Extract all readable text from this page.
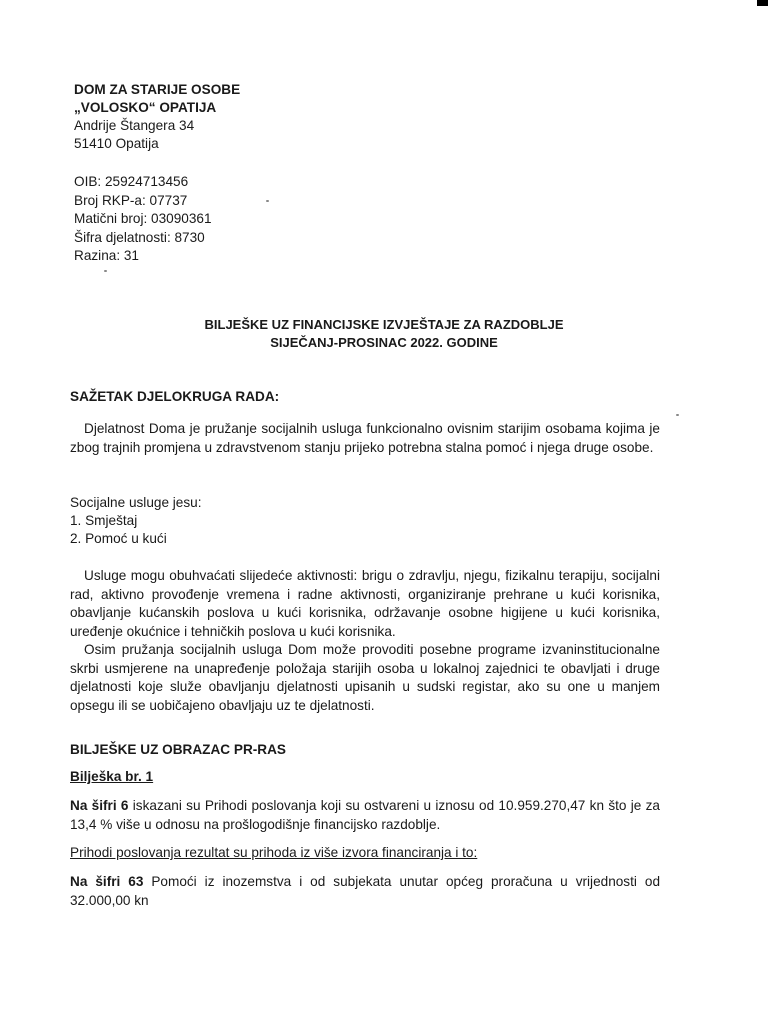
DOM ZA STARIJE OSOBE
„VOLOSKO“ OPATIJA
Andrije Štangera 34
51410 Opatija
OIB: 25924713456
Broj RKP-a: 07737
Matični broj: 03090361
Šifra djelatnosti: 8730
Razina: 31
BILJEŠKE UZ FINANCIJSKE IZVJEŠTAJE ZA RAZDOBLJE
SIJEČANJ-PROSINAC 2022. GODINE
SAŽETAK DJELOKRUGA RADA:

Djelatnost Doma je pružanje socijalnih usluga funkcionalno ovisnim starijim osobama kojima je zbog trajnih promjena u zdravstvenom stanju prijeko potrebna stalna pomoć i njega druge osobe.

Socijalne usluge jesu:
1. Smještaj
2. Pomoć u kući

Usluge mogu obuhvaćati slijedeće aktivnosti: brigu o zdravlju, njegu, fizikalnu terapiju, socijalni rad, aktivno provođenje vremena i radne aktivnosti, organiziranje prehrane u kući korisnika, obavljanje kućanskih poslova u kući korisnika, održavanje osobne higijene u kući korisnika, uređenje okućnice i tehničkih poslova u kući korisnika.

Osim pružanja socijalnih usluga Dom može provoditi posebne programe izvaninstitucionalne skrbi usmjerene na unapređenje položaja starijih osoba u lokalnoj zajednici te obavljati i druge djelatnosti koje služe obavljanju djelatnosti upisanih u sudski registar, ako su one u manjem opsegu ili se uobičajeno obavljaju uz te djelatnosti.

BILJEŠKE UZ OBRAZAC PR-RAS
Bilješka br. 1

Na šifri 6 iskazani su Prihodi poslovanja koji su ostvareni u iznosu od 10.959.270,47 kn što je za 13,4 % više u odnosu na prošlogodišnje financijsko razdoblje.

Prihodi poslovanja rezultat su prihoda iz više izvora financiranja i to:

Na šifri 63 Pomoći iz inozemstva i od subjekata unutar općeg proračuna u vrijednosti od 32.000,00 kn
